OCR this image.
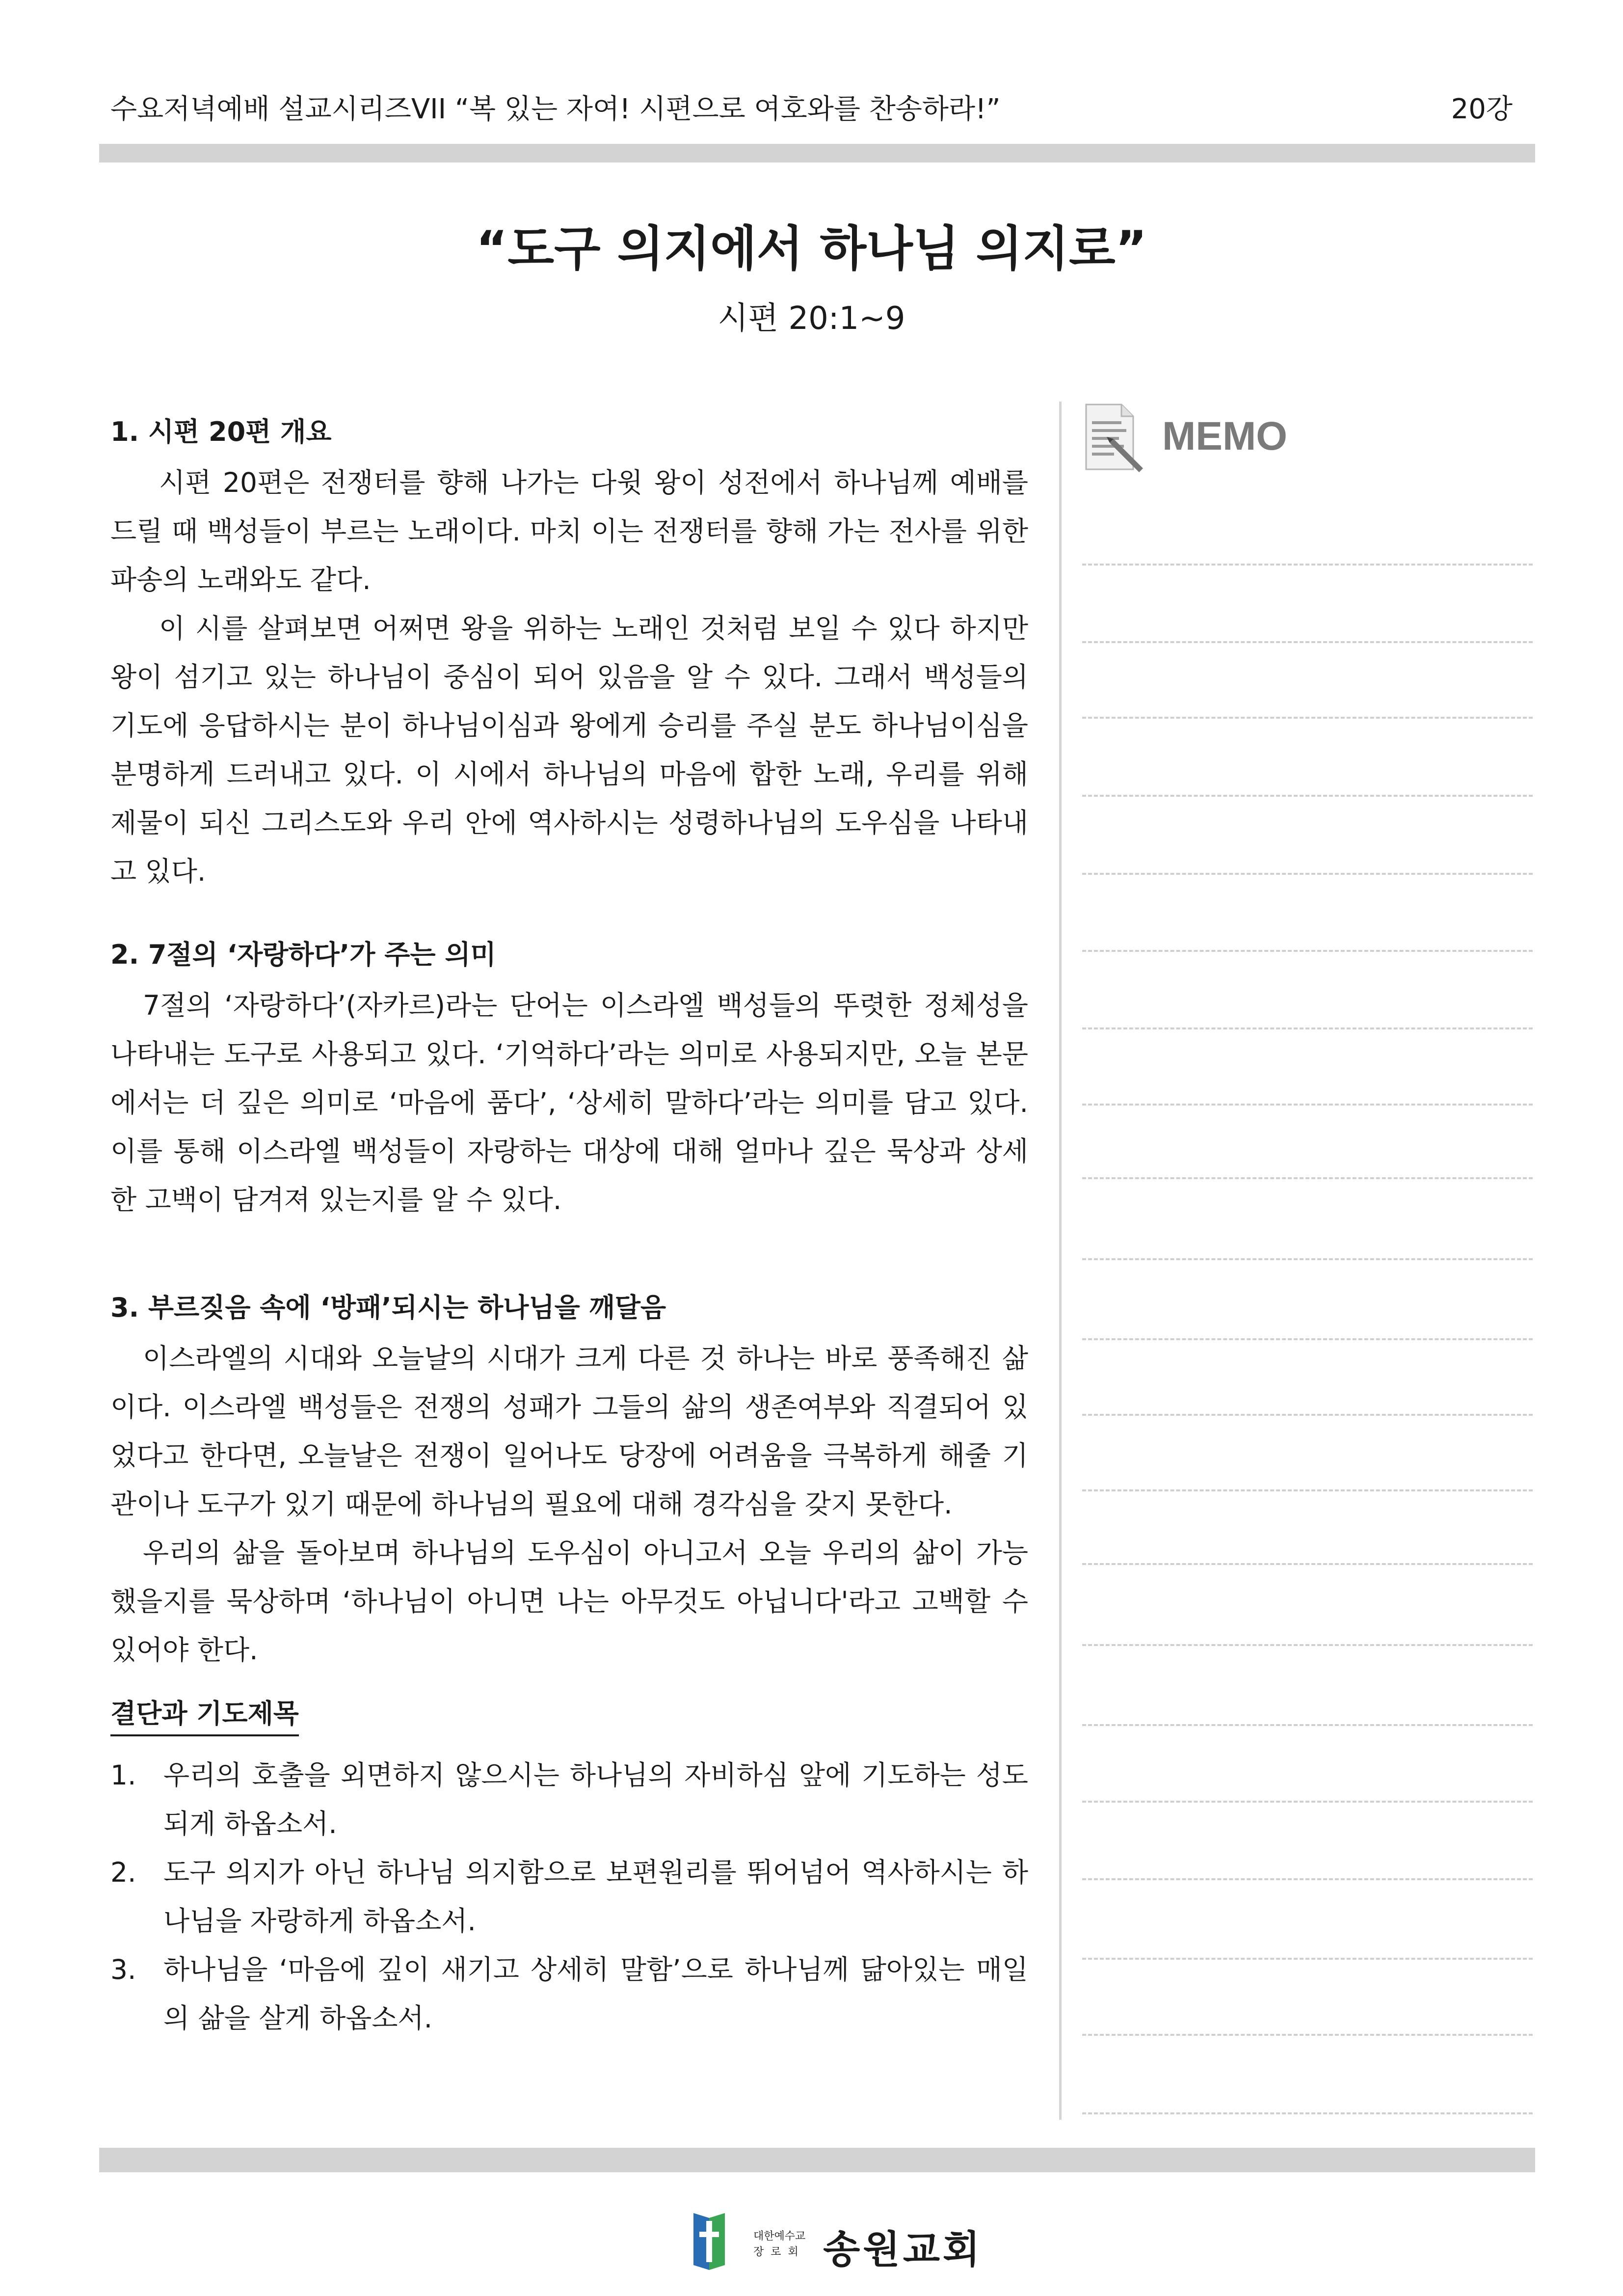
수요저녁예배 설교시리즈VII “복 있는 자여! 시편으로 여호와를 찬송하라!”	20강
“도구 의지에서 하나님 의지로”
시편 20:1~9

1. 시편 20편 개요

시편 20편은 전쟁터를 향해 나가는 다윗 왕이 성전에서 하나님께 예배를 드릴 때 백성들이 부르는 노래이다. 마치 이는 전쟁터를 향해 가는 전사를 위한 파송의 노래와도 같다.

이 시를 살펴보면 어쩌면 왕을 위하는 노래인 것처럼 보일 수 있다 하지만 왕이 섬기고 있는 하나님이 중심이 되어 있음을 알 수 있다. 그래서 백성들의 기도에 응답하시는 분이 하나님이심과 왕에게 승리를 주실 분도 하나님이심을 분명하게 드러내고 있다. 이 시에서 하나님의 마음에 합한 노래, 우리를 위해 제물이 되신 그리스도와 우리 안에 역사하시는 성령하나님의 도우심을 나타내고 있다.

2. 7절의 ‘자랑하다’가 주는 의미

7절의 ‘자랑하다’(자카르)라는 단어는 이스라엘 백성들의 뚜렷한 정체성을 나타내는 도구로 사용되고 있다. ‘기억하다’라는 의미로 사용되지만, 오늘 본문에서는 더 깊은 의미로 ‘마음에 품다’, ‘상세히 말하다’라는 의미를 담고 있다. 이를 통해 이스라엘 백성들이 자랑하는 대상에 대해 얼마나 깊은 묵상과 상세한 고백이 담겨져 있는지를 알 수 있다.

3. 부르짖음 속에 ‘방패’되시는 하나님을 깨달음

이스라엘의 시대와 오늘날의 시대가 크게 다른 것 하나는 바로 풍족해진 삶이다. 이스라엘 백성들은 전쟁의 성패가 그들의 삶의 생존여부와 직결되어 있었다고 한다면, 오늘날은 전쟁이 일어나도 당장에 어려움을 극복하게 해줄 기관이나 도구가 있기 때문에 하나님의 필요에 대해 경각심을 갖지 못한다.

우리의 삶을 돌아보며 하나님의 도우심이 아니고서 오늘 우리의 삶이 가능했을지를 묵상하며 ‘하나님이 아니면 나는 아무것도 아닙니다'라고 고백할 수 있어야 한다.

결단과 기도제목
1. 우리의 호출을 외면하지 않으시는 하나님의 자비하심 앞에 기도하는 성도되게 하옵소서.
2. 도구 의지가 아닌 하나님 의지함으로 보편원리를 뛰어넘어 역사하시는 하나님을 자랑하게 하옵소서.
3. 하나님을 ‘마음에 깊이 새기고 상세히 말함’으로 하나님께 닮아있는 매일의 삶을 살게 하옵소서.
MEMO
대한예수교
장로회 송원교회
